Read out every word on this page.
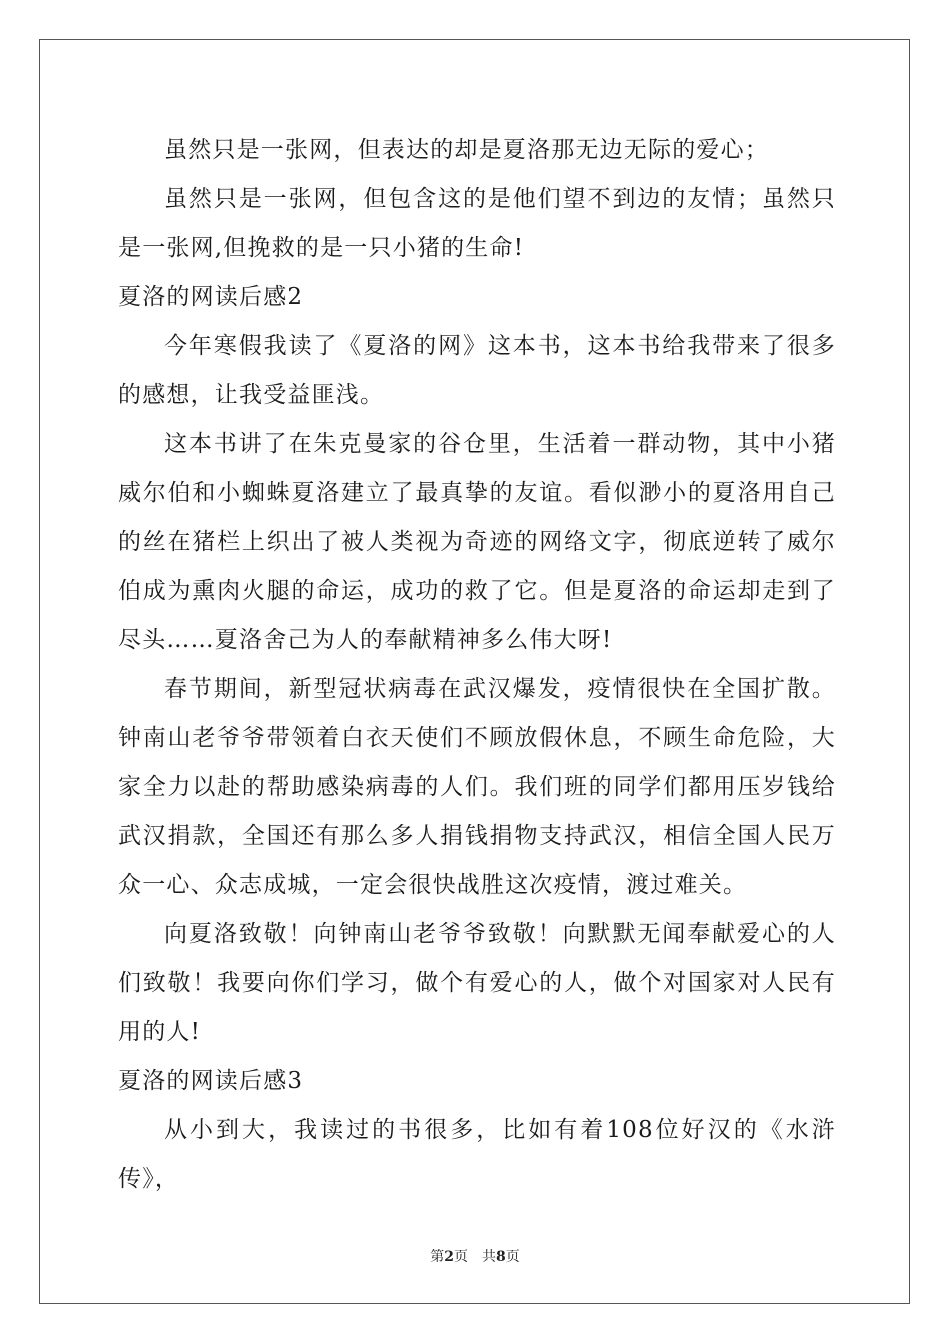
虽然只是一张网，但表达的却是夏洛那无边无际的爱心；

虽然只是一张网，但包含这的是他们望不到边的友情；虽然只是一张网,但挽救的是一只小猪的生命!

夏洛的网读后感2

今年寒假我读了《夏洛的网》这本书，这本书给我带来了很多的感想，让我受益匪浅。

这本书讲了在朱克曼家的谷仓里，生活着一群动物，其中小猪威尔伯和小蜘蛛夏洛建立了最真挚的友谊。看似渺小的夏洛用自己的丝在猪栏上织出了被人类视为奇迹的网络文字，彻底逆转了威尔伯成为熏肉火腿的命运，成功的救了它。但是夏洛的命运却走到了尽头……夏洛舍己为人的奉献精神多么伟大呀!

春节期间，新型冠状病毒在武汉爆发，疫情很快在全国扩散。钟南山老爷爷带领着白衣天使们不顾放假休息，不顾生命危险，大家全力以赴的帮助感染病毒的人们。我们班的同学们都用压岁钱给武汉捐款，全国还有那么多人捐钱捐物支持武汉，相信全国人民万众一心、众志成城，一定会很快战胜这次疫情，渡过难关。

向夏洛致敬！向钟南山老爷爷致敬！向默默无闻奉献爱心的人们致敬！我要向你们学习，做个有爱心的人，做个对国家对人民有用的人!

夏洛的网读后感3

从小到大，我读过的书很多，比如有着108位好汉的《水浒传》，

第2页　共8页
